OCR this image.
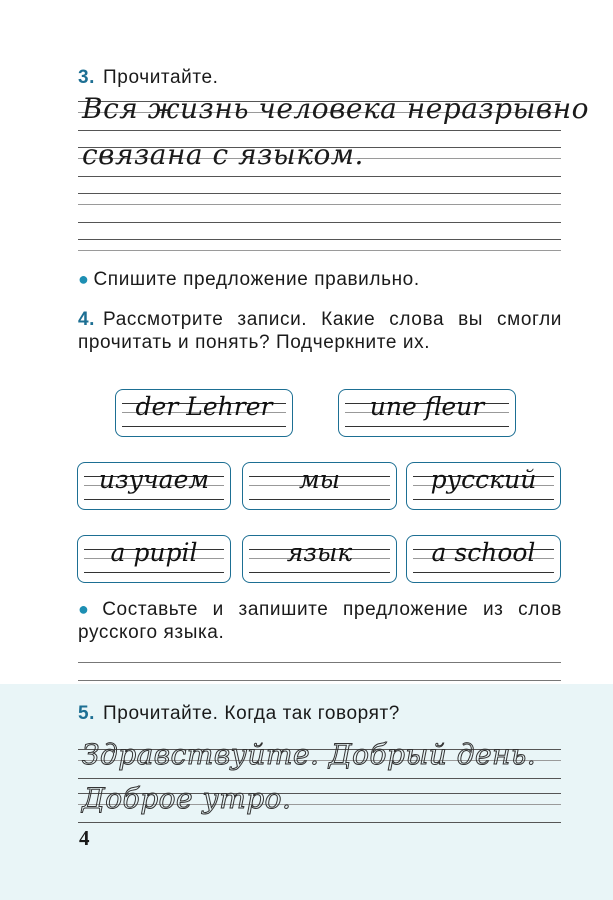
3. Прочитайте.
Вся жизнь человека неразрывно
связана с языком.
● Спишите предложение правильно.
4. Рассмотрите записи. Какие слова вы смогли прочитать и понять? Подчеркните их.
der Lehrer	une fleur
изучаем	мы	русский
a pupil	язык	a school
● Составьте и запишите предложение из слов русского языка.
5. Прочитайте. Когда так говорят?
Здравствуйте. Добрый день.
Доброе утро.
4
